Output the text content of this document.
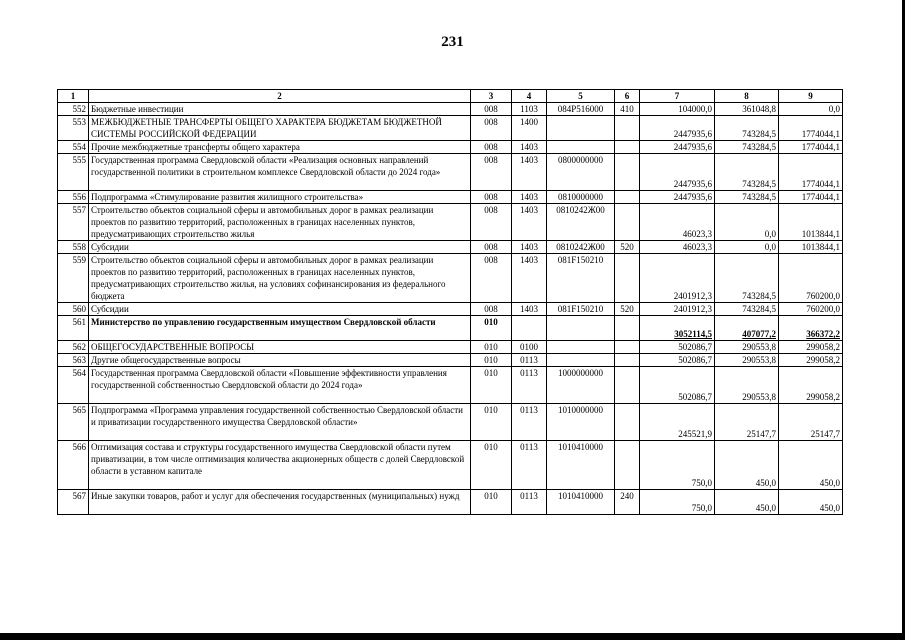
231
1	2	3	4	5	6	7	8	9
552	Бюджетные инвестиции	008	1103	084P516000	410	104000,0	361048,8	0,0
553	МЕЖБЮДЖЕТНЫЕ ТРАНСФЕРТЫ ОБЩЕГО ХАРАКТЕРА БЮДЖЕТАМ БЮДЖЕТНОЙ СИСТЕМЫ РОССИЙСКОЙ ФЕДЕРАЦИИ	008	1400			2447935,6	743284,5	1774044,1
554	Прочие межбюджетные трансферты общего характера	008	1403			2447935,6	743284,5	1774044,1
555	Государственная программа Свердловской области «Реализация основных направлений государственной политики в строительном комплексе Свердловской области до 2024 года»	008	1403	0800000000		2447935,6	743284,5	1774044,1
556	Подпрограмма «Стимулирование развития жилищного строительства»	008	1403	0810000000		2447935,6	743284,5	1774044,1
557	Строительство объектов социальной сферы и автомобильных дорог в рамках реализации проектов по развитию территорий, расположенных в границах населенных пунктов, предусматривающих строительство жилья	008	1403	0810242Ж00		46023,3	0,0	1013844,1
558	Субсидии	008	1403	0810242Ж00	520	46023,3	0,0	1013844,1
559	Строительство объектов социальной сферы и автомобильных дорог в рамках реализации проектов по развитию территорий, расположенных в границах населенных пунктов, предусматривающих строительство жилья, на условиях софинансирования из федерального бюджета	008	1403	081F150210		2401912,3	743284,5	760200,0
560	Субсидии	008	1403	081F150210	520	2401912,3	743284,5	760200,0
561	Министерство по управлению государственным имуществом Свердловской области	010				3052114,5	407077,2	366372,2
562	ОБЩЕГОСУДАРСТВЕННЫЕ ВОПРОСЫ	010	0100			502086,7	290553,8	299058,2
563	Другие общегосударственные вопросы	010	0113			502086,7	290553,8	299058,2
564	Государственная программа Свердловской области «Повышение эффективности управления государственной собственностью Свердловской области до 2024 года»	010	0113	1000000000		502086,7	290553,8	299058,2
565	Подпрограмма «Программа управления государственной собственностью Свердловской области и приватизации государственного имущества Свердловской области»	010	0113	1010000000		245521,9	25147,7	25147,7
566	Оптимизация состава и структуры государственного имущества Свердловской области путем приватизации, в том числе оптимизация количества акционерных обществ с долей Свердловской области в уставном капитале	010	0113	1010410000		750,0	450,0	450,0
567	Иные закупки товаров, работ и услуг для обеспечения государственных (муниципальных) нужд	010	0113	1010410000	240	750,0	450,0	450,0
